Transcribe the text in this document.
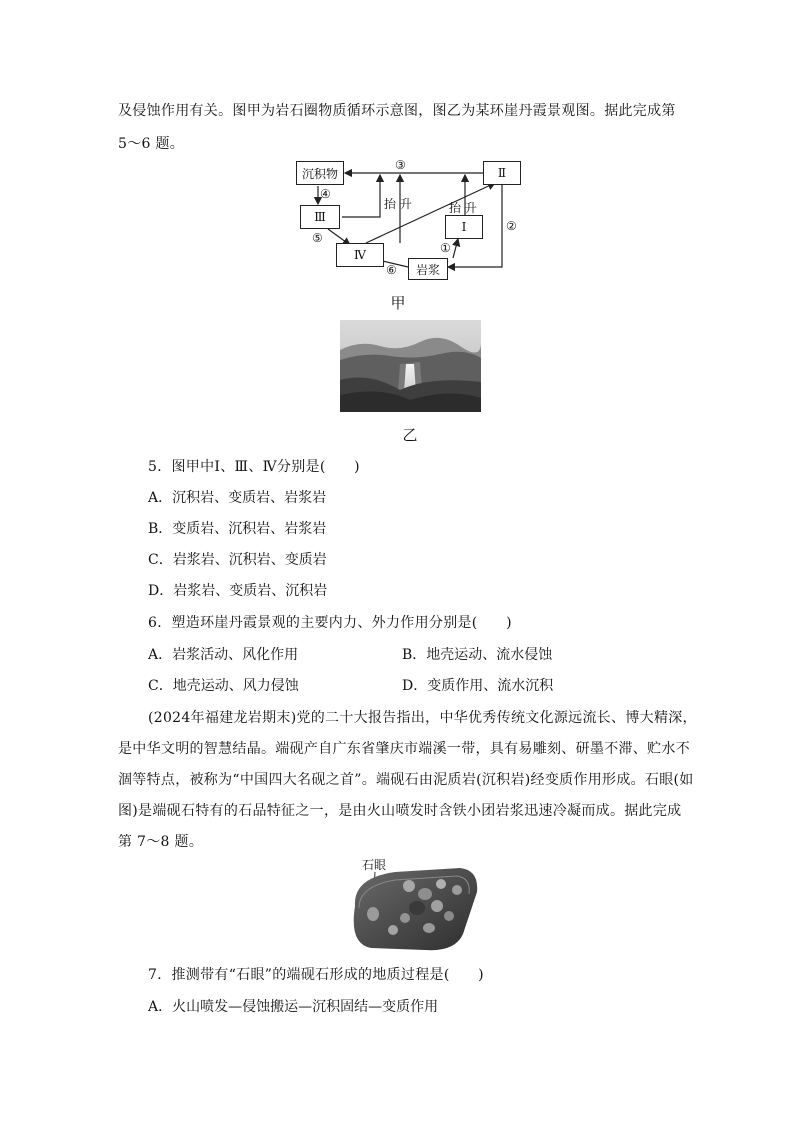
及侵蚀作用有关。图甲为岩石圈物质循环示意图，图乙为某环崖丹霞景观图。据此完成第
5～6 题。
沉积物
Ⅲ
Ⅳ
岩浆
Ⅰ
Ⅱ
③
④
⑤
⑥
①
②
抬 升	抬 升
甲
乙
5．图甲中Ⅰ、Ⅲ、Ⅳ分别是(　　)
A．沉积岩、变质岩、岩浆岩
B．变质岩、沉积岩、岩浆岩
C．岩浆岩、沉积岩、变质岩
D．岩浆岩、变质岩、沉积岩
6．塑造环崖丹霞景观的主要内力、外力作用分别是(　　)
A．岩浆活动、风化作用	B．地壳运动、流水侵蚀
C．地壳运动、风力侵蚀	D．变质作用、流水沉积
(2024年福建龙岩期末)党的二十大报告指出，中华优秀传统文化源远流长、博大精深，
是中华文明的智慧结晶。端砚产自广东省肇庆市端溪一带，具有易雕刻、研墨不滞、贮水不
涸等特点，被称为“中国四大名砚之首”。端砚石由泥质岩(沉积岩)经变质作用形成。石眼(如
图)是端砚石特有的石品特征之一，是由火山喷发时含铁小团岩浆迅速冷凝而成。据此完成
第 7～8 题。
石眼
7．推测带有“石眼”的端砚石形成的地质过程是(　　)
A．火山喷发—侵蚀搬运—沉积固结—变质作用
